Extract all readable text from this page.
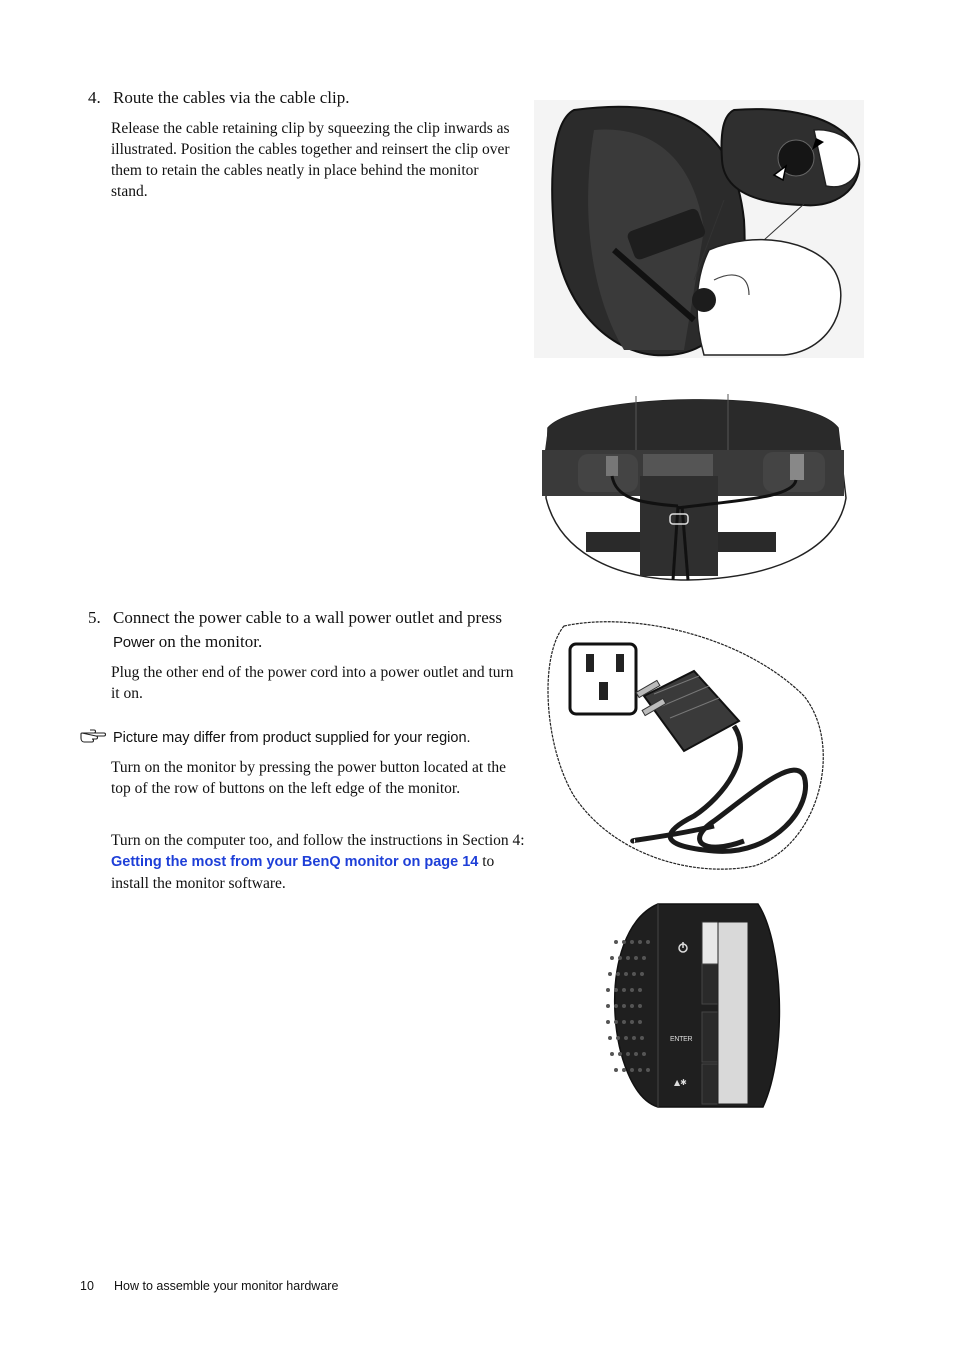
4. Route the cables via the cable clip.
Release the cable retaining clip by squeezing the clip inwards as illustrated. Position the cables together and reinsert the clip over them to retain the cables neatly in place behind the monitor stand.
5. Connect the power cable to a wall power outlet and press Power on the monitor.
Plug the other end of the power cord into a power outlet and turn it on.
Picture may differ from product supplied for your region.
Turn on the monitor by pressing the power button located at the top of the row of buttons on the left edge of the monitor.
Turn on the computer too, and follow the instructions in Section 4: Getting the most from your BenQ monitor on page 14 to install the monitor software.
ENTER
▲✱
10 How to assemble your monitor hardware
